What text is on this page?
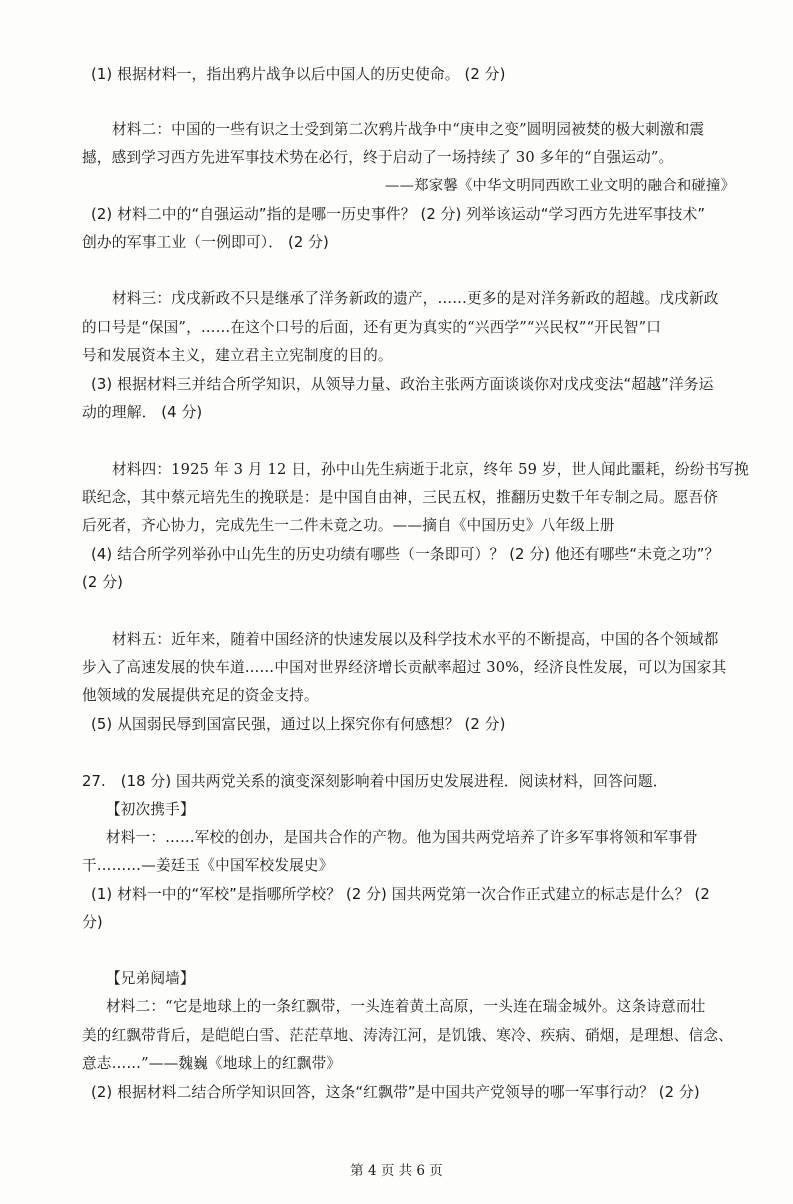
(1) 根据材料一，指出鸦片战争以后中国人的历史使命。 (2 分)
材料二：中国的一些有识之士受到第二次鸦片战争中“庚申之变”圆明园被焚的极大刺激和震
撼，感到学习西方先进军事技术势在必行，终于启动了一场持续了 30 多年的“自强运动”。
——郑家馨《中华文明同西欧工业文明的融合和碰撞》
(2) 材料二中的“自强运动”指的是哪一历史事件？ (2 分) 列举该运动“学习西方先进军事技术”
创办的军事工业（一例即可）． (2 分)
材料三：戊戌新政不只是继承了洋务新政的遗产，……更多的是对洋务新政的超越。戊戌新政
的口号是“保国”，……在这个口号的后面，还有更为真实的“兴西学”“兴民权”“开民智”口
号和发展资本主义，建立君主立宪制度的目的。
(3) 根据材料三并结合所学知识，从领导力量、政治主张两方面谈谈你对戊戌变法“超越”洋务运
动的理解． (4 分)
材料四：1925 年 3 月 12 日，孙中山先生病逝于北京，终年 59 岁，世人闻此噩耗，纷纷书写挽
联纪念，其中蔡元培先生的挽联是：是中国自由神，三民五权，推翻历史数千年专制之局。愿吾侪
后死者，齐心协力，完成先生一二件未竟之功。——摘自《中国历史》八年级上册
(4) 结合所学列举孙中山先生的历史功绩有哪些（一条即可）？ (2 分) 他还有哪些“未竟之功”？
(2 分)
材料五：近年来，随着中国经济的快速发展以及科学技术水平的不断提高，中国的各个领域都
步入了高速发展的快车道……中国对世界经济增长贡献率超过 30%，经济良性发展，可以为国家其
他领域的发展提供充足的资金支持。
(5) 从国弱民辱到国富民强，通过以上探究你有何感想？ (2 分)
27.　(18 分) 国共两党关系的演变深刻影响着中国历史发展进程．阅读材料，回答问题．
【初次携手】
材料一：……军校的创办，是国共合作的产物。他为国共两党培养了许多军事将领和军事骨
干………—姜廷玉《中国军校发展史》
(1) 材料一中的“军校”是指哪所学校？ (2 分) 国共两党第一次合作正式建立的标志是什么？ (2
分)
【兄弟阋墙】
材料二：“它是地球上的一条红飘带，一头连着黄土高原，一头连在瑞金城外。这条诗意而壮
美的红飘带背后，是皑皑白雪、茫茫草地、涛涛江河，是饥饿、寒冷、疾病、硝烟，是理想、信念、
意志……”——魏巍《地球上的红飘带》
(2) 根据材料二结合所学知识回答，这条“红飘带”是中国共产党领导的哪一军事行动？ (2 分)
第 4 页 共 6 页
